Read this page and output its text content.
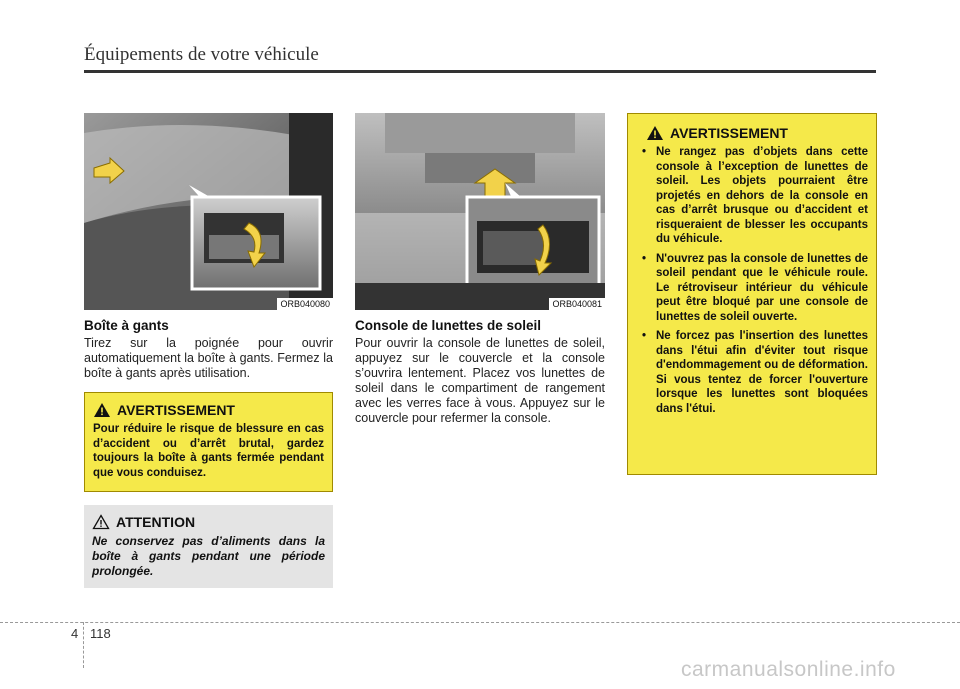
Équipements de votre véhicule
ORB040080	ORB040081
Boîte à gants

Tirez sur la poignée pour ouvrir automatiquement la boîte à gants. Fermez la boîte à gants après utilisation.

AVERTISSEMENT
Pour réduire le risque de blessure en cas d’accident ou d’arrêt brutal, gardez toujours la boîte à gants fermée pendant que vous conduisez.
ATTENTION
Ne conservez pas d’aliments dans la boîte à gants pendant une période prolongée.
Console de lunettes de soleil

Pour ouvrir la console de lunettes de soleil, appuyez sur le couvercle et la console s’ouvrira lentement. Placez vos lunettes de soleil dans le compartiment de rangement avec les verres face à vous. Appuyez sur le couvercle pour refermer la console.

AVERTISSEMENT
• Ne rangez pas d’objets dans cette console à l’exception de lunettes de soleil. Les objets pourraient être projetés en dehors de la console en cas d’arrêt brusque ou d’accident et risqueraient de blesser les occupants du véhicule.
• N'ouvrez pas la console de lunettes de soleil pendant que le véhicule roule. Le rétroviseur intérieur du véhicule peut être bloqué par une console de lunettes de soleil ouverte.
• Ne forcez pas l'insertion des lunettes dans l'étui afin d'éviter tout risque d'endommagement ou de déformation. Si vous tentez de forcer l'ouverture lorsque les lunettes sont bloquées dans l'étui.
4 118
carmanualsonline.info
